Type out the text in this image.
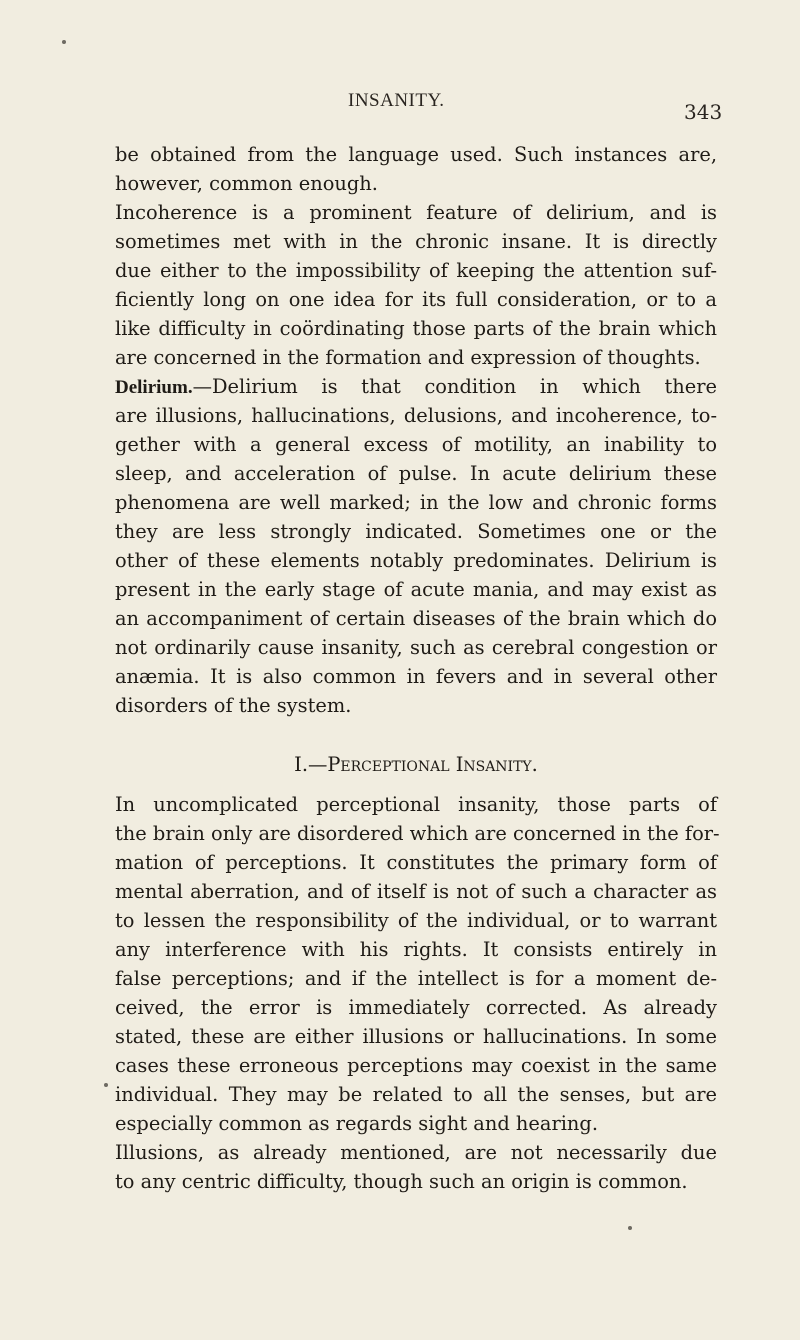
INSANITY.	343
be obtained from the language used. Such instances are,
however, common enough.
Incoherence is a prominent feature of delirium, and is
sometimes met with in the chronic insane. It is directly
due either to the impossibility of keeping the attention suf-
ficiently long on one idea for its full consideration, or to a
like difficulty in coördinating those parts of the brain which
are concerned in the formation and expression of thoughts.
Delirium.—Delirium is that condition in which there
are illusions, hallucinations, delusions, and incoherence, to-
gether with a general excess of motility, an inability to
sleep, and acceleration of pulse. In acute delirium these
phenomena are well marked; in the low and chronic forms
they are less strongly indicated. Sometimes one or the
other of these elements notably predominates. Delirium is
present in the early stage of acute mania, and may exist as
an accompaniment of certain diseases of the brain which do
not ordinarily cause insanity, such as cerebral congestion or
anæmia. It is also common in fevers and in several other
disorders of the system.
I.—Perceptional Insanity.
In uncomplicated perceptional insanity, those parts of
the brain only are disordered which are concerned in the for-
mation of perceptions. It constitutes the primary form of
mental aberration, and of itself is not of such a character as
to lessen the responsibility of the individual, or to warrant
any interference with his rights. It consists entirely in
false perceptions; and if the intellect is for a moment de-
ceived, the error is immediately corrected. As already
stated, these are either illusions or hallucinations. In some
cases these erroneous perceptions may coexist in the same
individual. They may be related to all the senses, but are
especially common as regards sight and hearing.
Illusions, as already mentioned, are not necessarily due
to any centric difficulty, though such an origin is common.
